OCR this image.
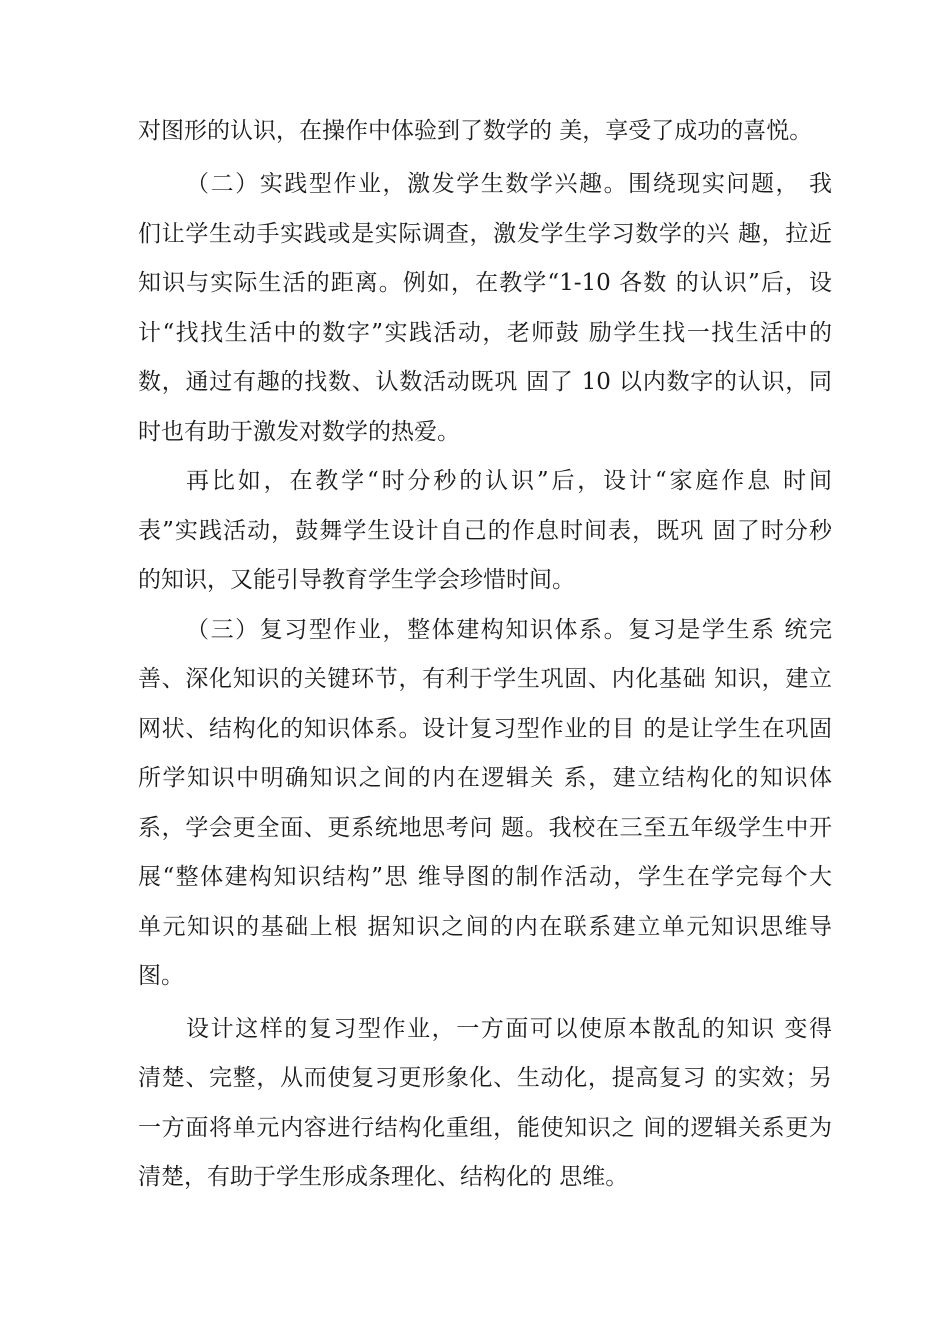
对图形的认识，在操作中体验到了数学的 美，享受了成功的喜悦。
（二）实践型作业，激发学生数学兴趣。围绕现实问题， 我
们让学生动手实践或是实际调查，激发学生学习数学的兴 趣，拉近
知识与实际生活的距离。例如，在教学“1-10 各数 的认识”后，设
计“找找生活中的数字”实践活动，老师鼓 励学生找一找生活中的
数，通过有趣的找数、认数活动既巩 固了 10 以内数字的认识，同
时也有助于激发对数学的热爱。
再比如，在教学“时分秒的认识”后，设计“家庭作息 时间
表”实践活动，鼓舞学生设计自己的作息时间表，既巩 固了时分秒
的知识，又能引导教育学生学会珍惜时间。
（三）复习型作业，整体建构知识体系。复习是学生系 统完
善、深化知识的关键环节，有利于学生巩固、内化基础 知识，建立
网状、结构化的知识体系。设计复习型作业的目 的是让学生在巩固
所学知识中明确知识之间的内在逻辑关 系，建立结构化的知识体
系，学会更全面、更系统地思考问 题。我校在三至五年级学生中开
展“整体建构知识结构”思 维导图的制作活动，学生在学完每个大
单元知识的基础上根 据知识之间的内在联系建立单元知识思维导
图。
设计这样的复习型作业，一方面可以使原本散乱的知识 变得
清楚、完整，从而使复习更形象化、生动化，提高复习 的实效；另
一方面将单元内容进行结构化重组，能使知识之 间的逻辑关系更为
清楚，有助于学生形成条理化、结构化的 思维。
